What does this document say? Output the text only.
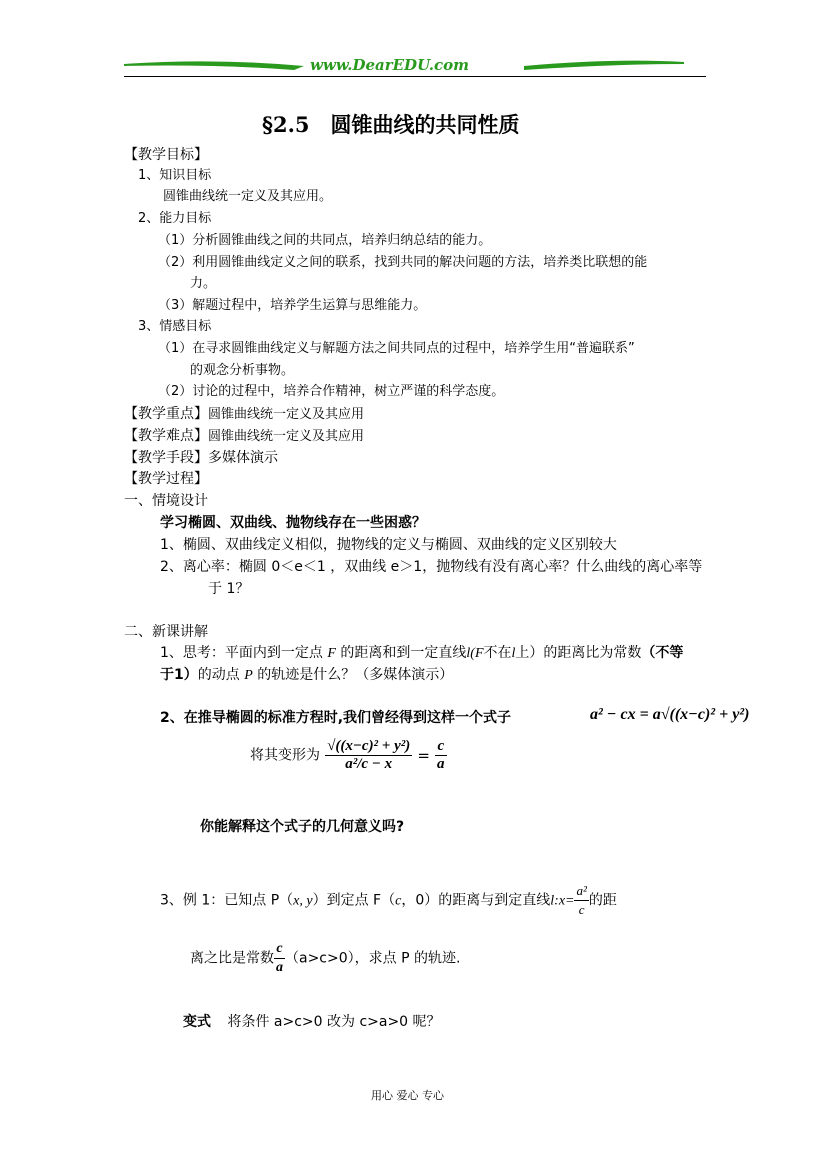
www.DearEDU.com
§2.5　圆锥曲线的共同性质
【教学目标】
1、知识目标
圆锥曲线统一定义及其应用。
2、能力目标
（1）分析圆锥曲线之间的共同点，培养归纳总结的能力。
（2）利用圆锥曲线定义之间的联系，找到共同的解决问题的方法，培养类比联想的能
力。
（3）解题过程中，培养学生运算与思维能力。
3、情感目标
（1）在寻求圆锥曲线定义与解题方法之间共同点的过程中，培养学生用“普遍联系”
的观念分析事物。
（2）讨论的过程中，培养合作精神，树立严谨的科学态度。
【教学重点】圆锥曲线统一定义及其应用
【教学难点】圆锥曲线统一定义及其应用
【教学手段】多媒体演示
【教学过程】
一、情境设计
学习椭圆、双曲线、抛物线存在一些困惑？
1、椭圆、双曲线定义相似，抛物线的定义与椭圆、双曲线的定义区别较大
2、离心率：椭圆 0＜e＜1 ，双曲线 e＞1，抛物线有没有离心率？什么曲线的离心率等
于 1？
二、新课讲解
1、思考：平面内到一定点 F 的距离和到一定直线l(F不在l上）的距离比为常数（不等
于1）的动点 P 的轨迹是什么？（多媒体演示）
2、在推导椭圆的标准方程时,我们曾经得到这样一个式子	a² − cx = a√((x−c)² + y²)
将其变形为 $\frac{\text{√((x−c)² + y²)}}{\text{a²/c − x}} = \frac{c}{a}$
你能解释这个式子的几何意义吗?
3、例 1：已知点 P（x, y）到定点 F（c，0）的距离与到定直线l:x= $\frac{\text{a²}}{c}$ 的距
离之比是常数 $\frac{c}{a} (a>c>0)$，求点 P 的轨迹.
变式 将条件 a>c>0 改为 c>a>0 呢？
用心 爱心 专心
